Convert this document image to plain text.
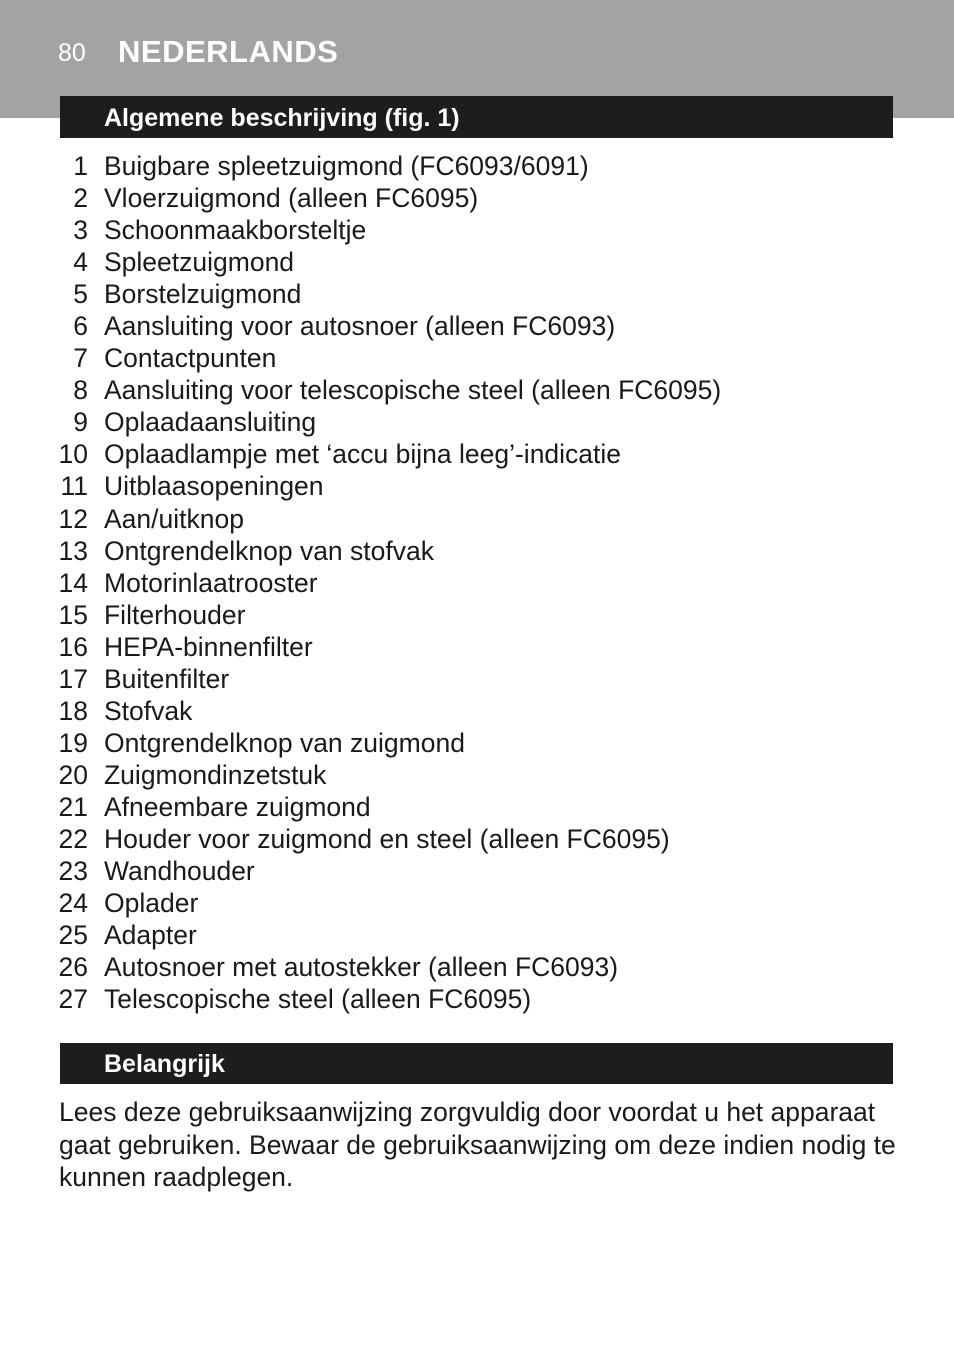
80 NEDERLANDS
Algemene beschrijving (fig. 1)
1 Buigbare spleetzuigmond (FC6093/6091)
2 Vloerzuigmond (alleen FC6095)
3 Schoonmaakborsteltje
4 Spleetzuigmond
5 Borstelzuigmond
6 Aansluiting voor autosnoer (alleen FC6093)
7 Contactpunten
8 Aansluiting voor telescopische steel (alleen FC6095)
9 Oplaadaansluiting
10 Oplaadlampje met ‘accu bijna leeg’-indicatie
11 Uitblaasopeningen
12 Aan/uitknop
13 Ontgrendelknop van stofvak
14 Motorinlaatrooster
15 Filterhouder
16 HEPA-binnenfilter
17 Buitenfilter
18 Stofvak
19 Ontgrendelknop van zuigmond
20 Zuigmondinzetstuk
21 Afneembare zuigmond
22 Houder voor zuigmond en steel (alleen FC6095)
23 Wandhouder
24 Oplader
25 Adapter
26 Autosnoer met autostekker (alleen FC6093)
27 Telescopische steel (alleen FC6095)
Belangrijk

Lees deze gebruiksaanwijzing zorgvuldig door voordat u het apparaat gaat gebruiken. Bewaar de gebruiksaanwijzing om deze indien nodig te kunnen raadplegen.
